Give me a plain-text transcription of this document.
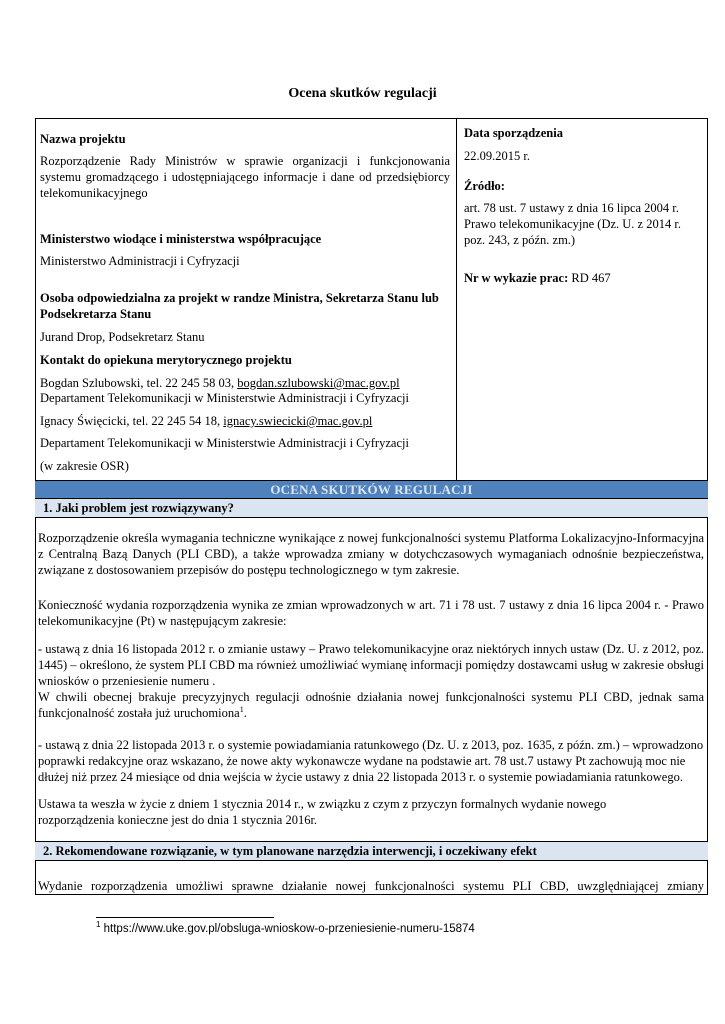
Ocena skutków regulacji
Nazwa projektu
Rozporządzenie Rady Ministrów w sprawie organizacji i funkcjonowania systemu gromadzącego i udostępniającego informacje i dane od przedsiębiorcy telekomunikacyjnego
Ministerstwo wiodące i ministerstwa współpracujące
Ministerstwo Administracji i Cyfryzacji
Osoba odpowiedzialna za projekt w randze Ministra, Sekretarza Stanu lub Podsekretarza Stanu
Jurand Drop, Podsekretarz Stanu
Kontakt do opiekuna merytorycznego projektu
Bogdan Szlubowski, tel. 22 245 58 03, bogdan.szlubowski@mac.gov.pl
Departament Telekomunikacji w Ministerstwie Administracji i Cyfryzacji
Ignacy Święcicki, tel. 22 245 54 18, ignacy.swiecicki@mac.gov.pl
Departament Telekomunikacji w Ministerstwie Administracji i Cyfryzacji
(w zakresie OSR)
Data sporządzenia
22.09.2015 r.
Źródło:
art. 78 ust. 7 ustawy z dnia 16 lipca 2004 r. Prawo telekomunikacyjne (Dz. U. z 2014 r. poz. 243, z późn. zm.)
Nr w wykazie prac: RD 467
OCENA SKUTKÓW REGULACJI
1. Jaki problem jest rozwiązywany?
Rozporządzenie określa wymagania techniczne wynikające z nowej funkcjonalności systemu Platforma Lokalizacyjno-Informacyjna z Centralną Bazą Danych (PLI CBD), a także wprowadza zmiany w dotychczasowych wymaganiach odnośnie bezpieczeństwa, związane z dostosowaniem przepisów do postępu technologicznego w tym zakresie.
Konieczność wydania rozporządzenia wynika ze zmian wprowadzonych w art. 71 i 78 ust. 7 ustawy z dnia 16 lipca 2004 r. - Prawo telekomunikacyjne (Pt) w następującym zakresie:
- ustawą z dnia 16 listopada 2012 r. o zmianie ustawy – Prawo telekomunikacyjne oraz niektórych innych ustaw (Dz. U. z 2012, poz. 1445) – określono, że system PLI CBD ma również umożliwiać wymianę informacji pomiędzy dostawcami usług w zakresie obsługi wniosków o przeniesienie numeru .
W chwili obecnej brakuje precyzyjnych regulacji odnośnie działania nowej funkcjonalności systemu PLI CBD, jednak sama funkcjonalność została już uruchomiona$^1$.
- ustawą z dnia 22 listopada 2013 r. o systemie powiadamiania ratunkowego (Dz. U. z 2013, poz. 1635, z późn. zm.) – wprowadzono poprawki redakcyjne oraz wskazano, że nowe akty wykonawcze wydane na podstawie art. 78 ust.7 ustawy Pt zachowują moc nie dłużej niż przez 24 miesiące od dnia wejścia w życie ustawy z dnia 22 listopada 2013 r. o systemie powiadamiania ratunkowego.
Ustawa ta weszła w życie z dniem 1 stycznia 2014 r., w związku z czym z przyczyn formalnych wydanie nowego rozporządzenia konieczne jest do dnia 1 stycznia 2016r.
2. Rekomendowane rozwiązanie, w tym planowane narzędzia interwencji, i oczekiwany efekt
Wydanie rozporządzenia umożliwi sprawne działanie nowej funkcjonalności systemu PLI CBD, uwzględniającej zmiany
$^1$ https://www.uke.gov.pl/obsluga-wnioskow-o-przeniesienie-numeru-15874
